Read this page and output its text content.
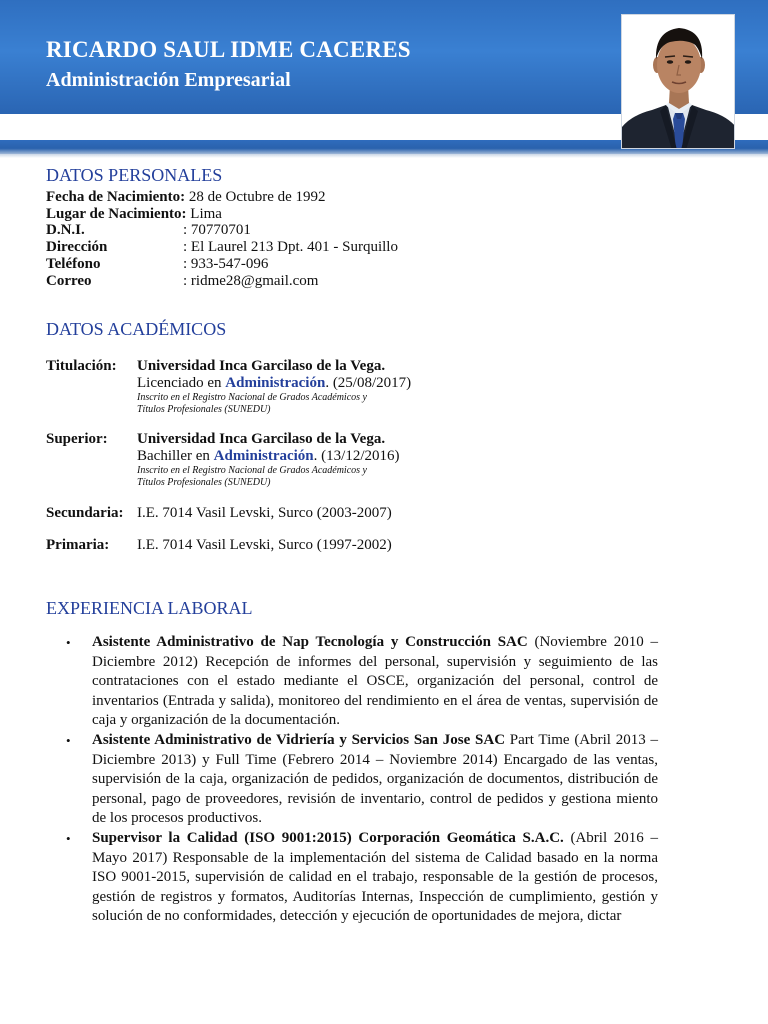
RICARDO SAUL IDME CACERES
Administración Empresarial
DATOS PERSONALES
Fecha de Nacimiento: 28 de Octubre de 1992
Lugar de Nacimiento: Lima
D.N.I.	: 70770701
Dirección	: El Laurel 213 Dpt. 401 - Surquillo
Teléfono	: 933-547-096
Correo	: ridme28@gmail.com
DATOS ACADÉMICOS
Titulación: Universidad Inca Garcilaso de la Vega.
Licenciado en Administración. (25/08/2017)
Inscrito en el Registro Nacional de Grados Académicos y
Títulos Profesionales (SUNEDU)
Superior: Universidad Inca Garcilaso de la Vega.
Bachiller en Administración. (13/12/2016)
Inscrito en el Registro Nacional de Grados Académicos y
Títulos Profesionales (SUNEDU)
Secundaria: I.E. 7014 Vasil Levski, Surco (2003-2007)
Primaria: I.E. 7014 Vasil Levski, Surco (1997-2002)
EXPERIENCIA LABORAL
• Asistente Administrativo de Nap Tecnología y Construcción SAC (Noviembre 2010 – Diciembre 2012) Recepción de informes del personal, supervisión y seguimiento de las contrataciones con el estado mediante el OSCE, organización del personal, control de inventarios (Entrada y salida), monitoreo del rendimiento en el área de ventas, supervisión de caja y organización de la documentación.
• Asistente Administrativo de Vidriería y Servicios San Jose SAC Part Time (Abril 2013 – Diciembre 2013) y Full Time (Febrero 2014 – Noviembre 2014) Encargado de las ventas, supervisión de la caja, organización de pedidos, organización de documentos, distribución de personal, pago de proveedores, revisión de inventario, control de pedidos y gestiona miento de los procesos productivos.
• Supervisor la Calidad (ISO 9001:2015) Corporación Geomática S.A.C. (Abril 2016 – Mayo 2017) Responsable de la implementación del sistema de Calidad basado en la norma ISO 9001-2015, supervisión de calidad en el trabajo, responsable de la gestión de procesos, gestión de registros y formatos, Auditorías Internas, Inspección de cumplimiento, gestión y solución de no conformidades, detección y ejecución de oportunidades de mejora, dictar
